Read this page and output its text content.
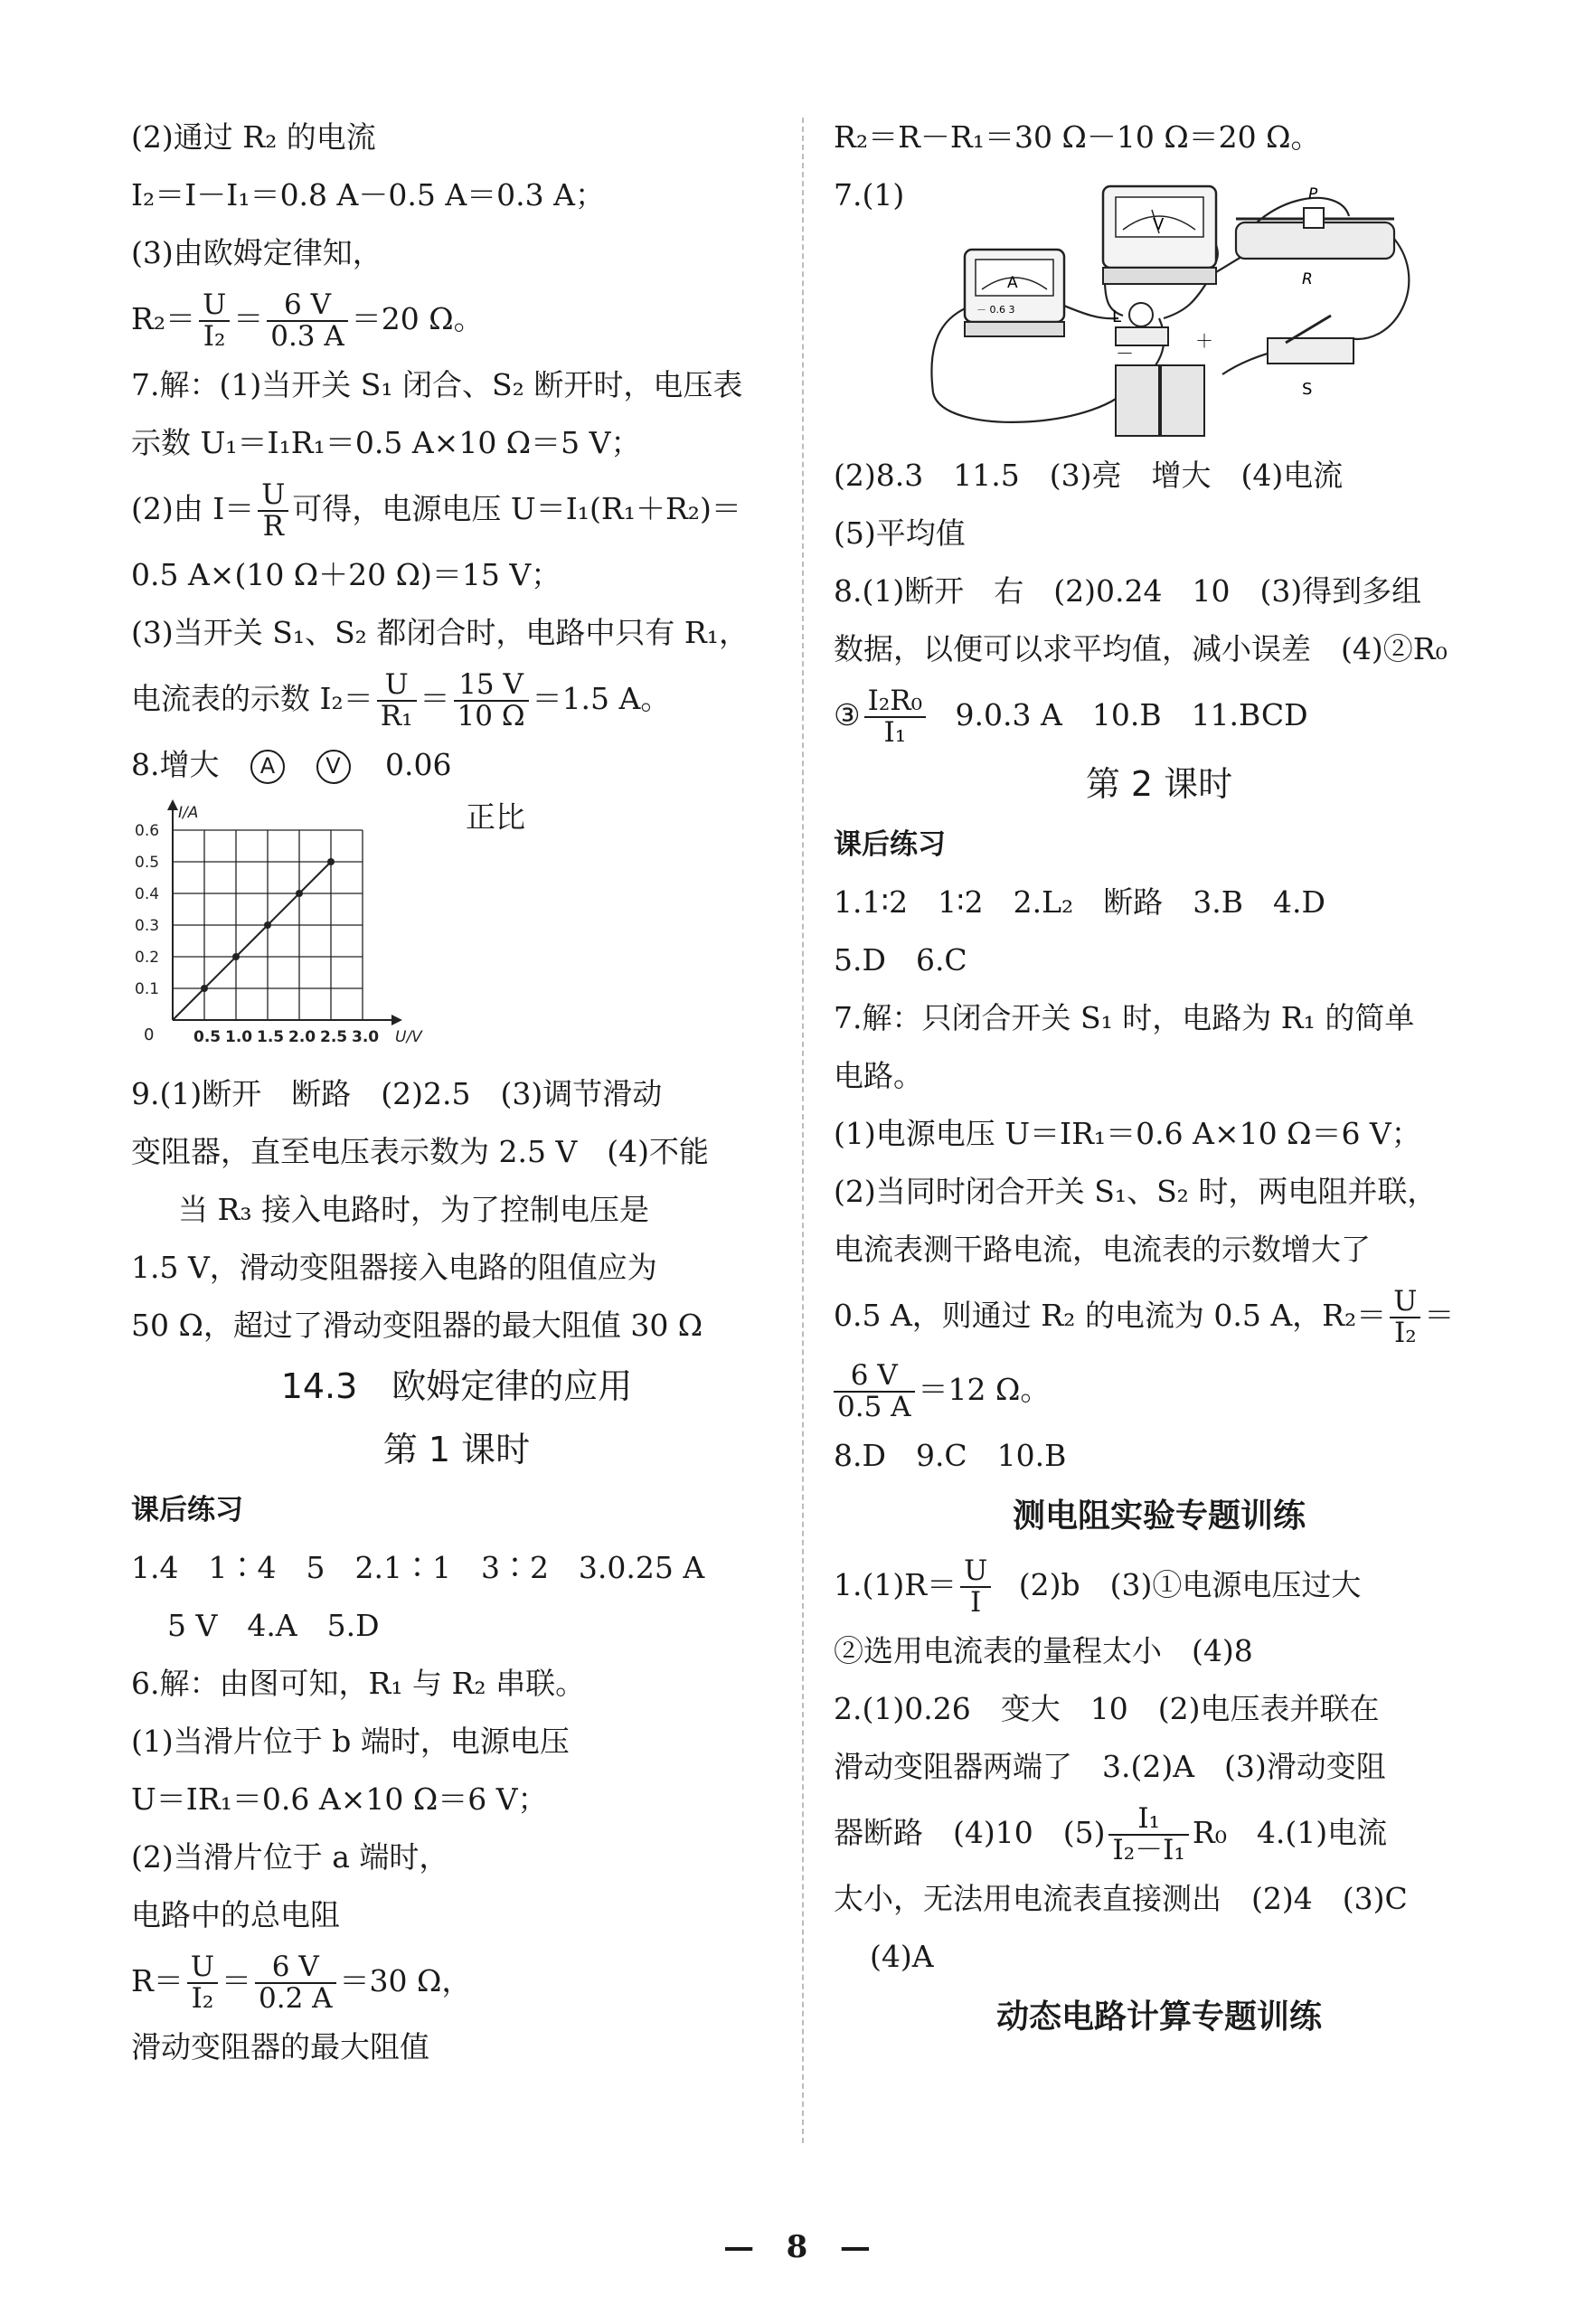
(2)通过 R₂ 的电流
I₂＝I－I₁＝0.8 A－0.5 A＝0.3 A；
(3)由欧姆定律知，
$R_2= \frac{U}{\text{I₂}} = \frac{6 V}{0.3 A} =20$ Ω。
7.解：(1)当开关 S₁ 闭合、S₂ 断开时，电压表
示数 U₁＝I₁R₁＝0.5 A×10 Ω＝5 V；
(2)由 $I= \frac{U}{R}$ 可得，电源电压 U＝I₁(R₁＋R₂)＝
0.5 A×(10 Ω＋20 Ω)＝15 V；
(3)当开关 S₁、S₂ 都闭合时，电路中只有 R₁，
电流表的示数 $I_2= \frac{U}{\text{R₁}} = \frac{15 V}{10 \Omega} =1.5$ A。
8.增大 A V 0.06
0.5 1.0 1.5 2.0 2.5 3.0
0.1
0.2
0.3
0.4
0.5
0.6
0	U/V
I/A	正比
9.(1)断开　断路　(2)2.5　(3)调节滑动
变阻器，直至电压表示数为 2.5 V　(4)不能
当 R₃ 接入电路时，为了控制电压是
1.5 V，滑动变阻器接入电路的阻值应为
50 Ω，超过了滑动变阻器的最大阻值 30 Ω
14.3　欧姆定律的应用
第 1 课时
课后练习
1.4　1∶4　5　2.1∶1　3∶2　3.0.25 A
5 V　4.A　5.D
6.解：由图可知，R₁ 与 R₂ 串联。
(1)当滑片位于 b 端时，电源电压
U＝IR₁＝0.6 A×10 Ω＝6 V；
(2)当滑片位于 a 端时，
电路中的总电阻
$R= \frac{U}{\text{I₂}} = \frac{6 V}{0.2 A} =30$ Ω，
滑动变阻器的最大阻值
R₂＝R－R₁＝30 Ω－10 Ω＝20 Ω。
7.(1)
V
A
－ 0.6 3	L
P
R
－
＋
S
(2)8.3　11.5　(3)亮　增大　(4)电流
(5)平均值
8.(1)断开　右　(2)0.24　10　(3)得到多组
数据，以便可以求平均值，减小误差　(4)②R₀
③ $\frac{\text{I₂R₀}}{\text{I₁}} 9.0.3$ A　10.B　11.BCD
第 2 课时
课后练习
1.1∶2　1∶2　2.L₂　断路　3.B　4.D
5.D　6.C
7.解：只闭合开关 S₁ 时，电路为 R₁ 的简单
电路。
(1)电源电压 U＝IR₁＝0.6 A×10 Ω＝6 V；
(2)当同时闭合开关 S₁、S₂ 时，两电阻并联，
电流表测干路电流，电流表的示数增大了
0.5 A，则通过 R₂ 的电流为 0.5 A，$R_2= \frac{U}{\text{I₂}}$ ＝
$\frac{6 V}{0.5 A} =12$ Ω。
8.D　9.C　10.B
测电阻实验专题训练
$1.(1)R= \frac{U}{I} (2)b$　(3)①电源电压过大
②选用电流表的量程太小　(4)8
2.(1)0.26　变大　10　(2)电压表并联在
滑动变阻器两端了　3.(2)A　(3)滑动变阻
器断路　(4)10　$(5) \frac{\text{I₁}}{\text{I₂－I₁}} R_0$　4.(1)电流
太小，无法用电流表直接测出　(2)4　(3)C
(4)A
动态电路计算专题训练
—   8   —
